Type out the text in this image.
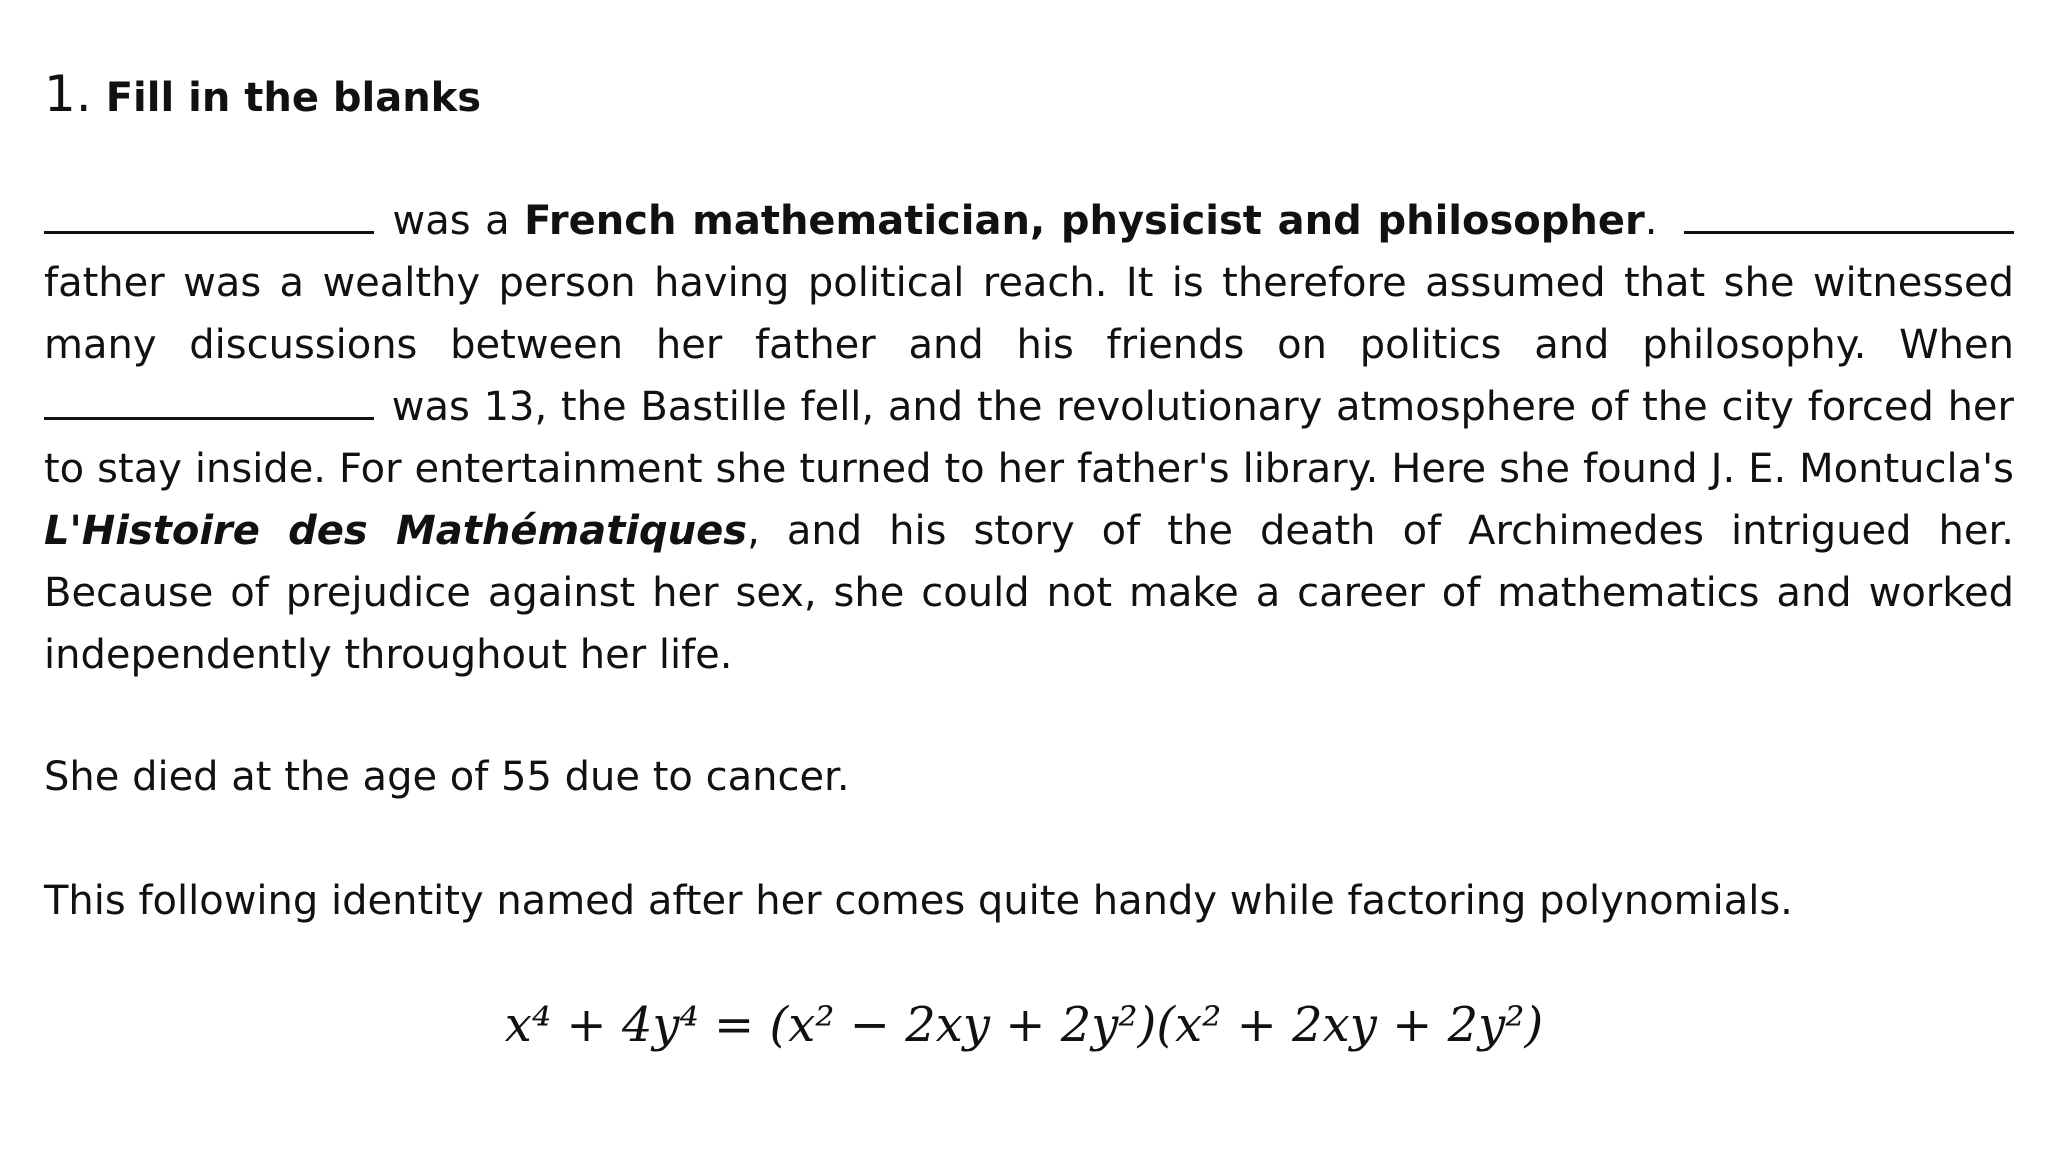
1. Fill in the blanks
was a French mathematician, physicist and philosopher.  father was a wealthy person having political reach. It is therefore assumed that she witnessed many discussions between her father and his friends on politics and philosophy. When  was 13, the Bastille fell, and the revolutionary atmosphere of the city forced her to stay inside. For entertainment she turned to her father's library. Here she found J. E. Montucla's L'Histoire des Mathématiques, and his story of the death of Archimedes intrigued her. Because of prejudice against her sex, she could not make a career of mathematics and worked independently throughout her life.
She died at the age of 55 due to cancer.
This following identity named after her comes quite handy while factoring polynomials.
x⁴ + 4y⁴ = (x² − 2xy + 2y²)(x² + 2xy + 2y²)
